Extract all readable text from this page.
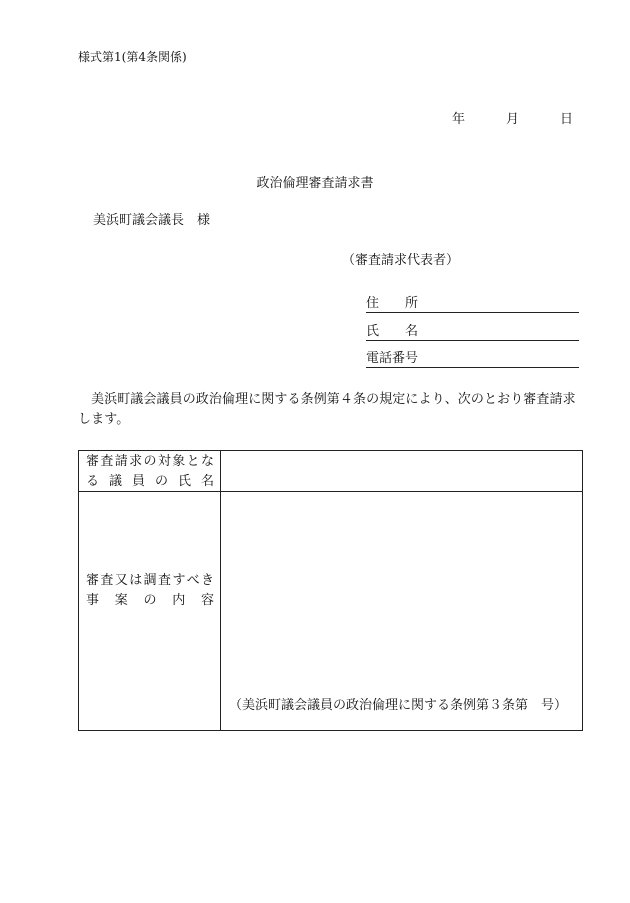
様式第1(第4条関係)
年	月	日
政治倫理審査請求書
美浜町議会議長　様
（審査請求代表者）
住　　所
氏　　名
電話番号
美浜町議会議員の政治倫理に関する条例第４条の規定により、次のとおり審査請求します。
審査請求の対象とな
る議員の氏名
審査又は調査すべき
事案の内容
（美浜町議会議員の政治倫理に関する条例第３条第　号）
